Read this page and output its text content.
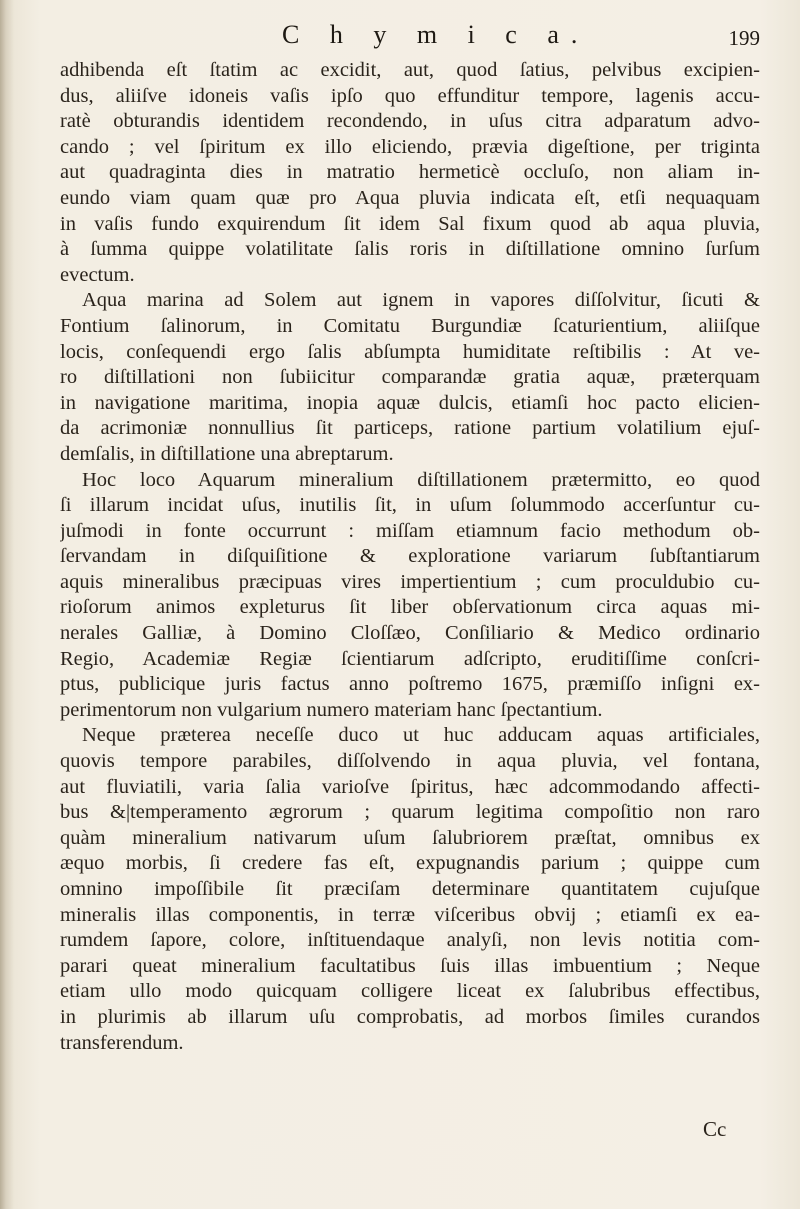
C h y m i c a.	199
adhibenda eſt ſtatim ac excidit, aut, quod ſatius, pelvibus excipien-
dus, aliiſve idoneis vaſis ipſo quo effunditur tempore, lagenis accu-
ratè obturandis identidem recondendo, in uſus citra adparatum advo-
cando ; vel ſpiritum ex illo eliciendo, prævia digeſtione, per triginta
aut quadraginta dies in matratio hermeticè occluſo, non aliam in-
eundo viam quam quæ pro Aqua pluvia indicata eſt, etſi nequaquam
in vaſis fundo exquirendum ſit idem Sal fixum quod ab aqua pluvia,
à ſumma quippe volatilitate ſalis roris in diſtillatione omnino ſurſum
evectum.
Aqua marina ad Solem aut ignem in vapores diſſolvitur, ſicuti &
Fontium ſalinorum, in Comitatu Burgundiæ ſcaturientium, aliiſque
locis, conſequendi ergo ſalis abſumpta humiditate reſtibilis : At ve-
ro diſtillationi non ſubiicitur comparandæ gratia aquæ, præterquam
in navigatione maritima, inopia aquæ dulcis, etiamſi hoc pacto elicien-
da acrimoniæ nonnullius ſit particeps, ratione partium volatilium ejuſ-
demſalis, in diſtillatione una abreptarum.
Hoc loco Aquarum mineralium diſtillationem prætermitto, eo quod
ſi illarum incidat uſus, inutilis ſit, in uſum ſolummodo accerſuntur cu-
juſmodi in fonte occurrunt : miſſam etiamnum facio methodum ob-
ſervandam in diſquiſitione & exploratione variarum ſubſtantiarum
aquis mineralibus præcipuas vires impertientium ; cum proculdubio cu-
rioſorum animos expleturus ſit liber obſervationum circa aquas mi-
nerales Galliæ, à Domino Cloſſæo, Conſiliario & Medico ordinario
Regio, Academiæ Regiæ ſcientiarum adſcripto, eruditiſſime conſcri-
ptus, publicique juris factus anno poſtremo 1675, præmiſſo inſigni ex-
perimentorum non vulgarium numero materiam hanc ſpectantium.
Neque præterea neceſſe duco ut huc adducam aquas artificiales,
quovis tempore parabiles, diſſolvendo in aqua pluvia, vel fontana,
aut fluviatili, varia ſalia varioſve ſpiritus, hæc adcommodando affecti-
bus &|temperamento ægrorum ; quarum legitima compoſitio non raro
quàm mineralium nativarum uſum ſalubriorem præſtat, omnibus ex
æquo morbis, ſi credere fas eſt, expugnandis parium ; quippe cum
omnino impoſſibile ſit præciſam determinare quantitatem cujuſque
mineralis illas componentis, in terræ viſceribus obvij ; etiamſi ex ea-
rumdem ſapore, colore, inſtituendaque analyſi, non levis notitia com-
parari queat mineralium facultatibus ſuis illas imbuentium ; Neque
etiam ullo modo quicquam colligere liceat ex ſalubribus effectibus,
in plurimis ab illarum uſu comprobatis, ad morbos ſimiles curandos
transferendum.
Cc
